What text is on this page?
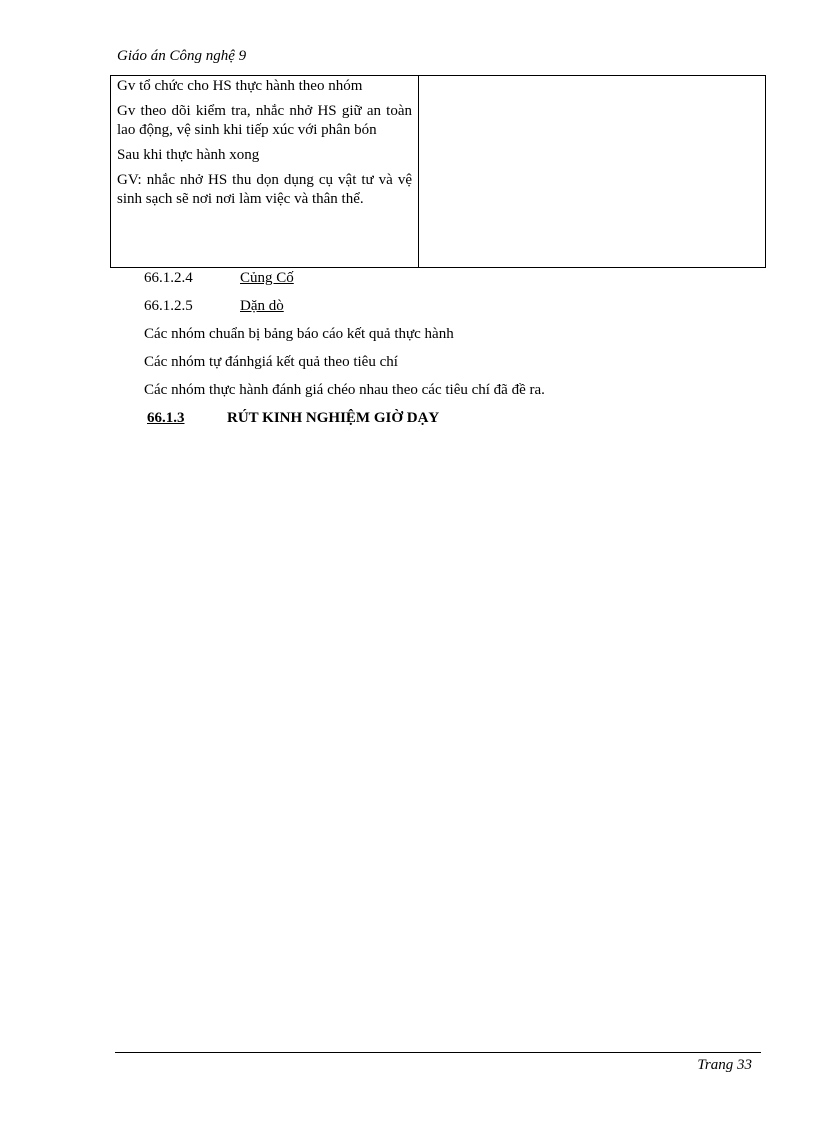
Giáo án Công nghệ 9

Gv tổ chức cho HS thực hành theo nhóm

Gv theo dõi kiểm tra, nhắc nhở HS giữ an toàn lao động, vệ sinh khi tiếp xúc với phân bón

Sau khi thực hành xong

GV: nhắc nhở HS thu dọn dụng cụ vật tư và vệ sinh sạch sẽ nơi nơi làm việc và thân thể.

66.1.2.4	Củng Cố
66.1.2.5	Dặn dò
Các nhóm chuẩn bị bảng báo cáo kết quả thực hành
Các nhóm tự đánhgiá kết quả theo tiêu chí
Các nhóm thực hành đánh giá chéo nhau theo các tiêu chí đã đề ra.
66.1.3	RÚT KINH NGHIỆM GIỜ DẠY
Trang 33
